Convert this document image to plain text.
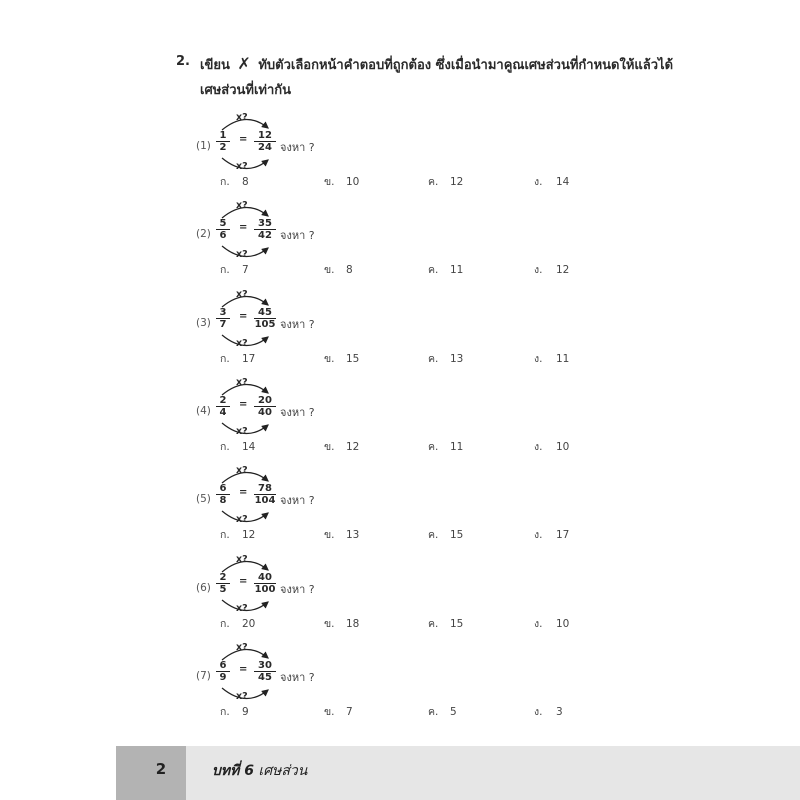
2. เขียน ✗ ทับตัวเลือกหน้าคำตอบที่ถูกต้อง ซึ่งเมื่อนำมาคูณเศษส่วนที่กำหนดให้แล้วได้
เศษส่วนที่เท่ากัน
(1)
x?
$\frac{1}{2} = \frac{12}{24}$
x?
จงหา ?
ก. 8	ข. 10	ค. 12	ง. 14
(2)
x?
$\frac{5}{6} = \frac{35}{42}$
x?
จงหา ?
ก. 7	ข. 8	ค. 11	ง. 12
(3)
x?
$\frac{3}{7} = \frac{45}{105}$
x?
จงหา ?
ก. 17	ข. 15	ค. 13	ง. 11
(4)
x?
$\frac{2}{4} = \frac{20}{40}$
x?
จงหา ?
ก. 14	ข. 12	ค. 11	ง. 10
(5)
x?
$\frac{6}{8} = \frac{78}{104}$
x?
จงหา ?
ก. 12	ข. 13	ค. 15	ง. 17
(6)
x?
$\frac{2}{5} = \frac{40}{100}$
x?
จงหา ?
ก. 20	ข. 18	ค. 15	ง. 10
(7)
x?
$\frac{6}{9} = \frac{30}{45}$
x?
จงหา ?
ก. 9	ข. 7	ค. 5	ง. 3
2	บทที่ 6 เศษส่วน
